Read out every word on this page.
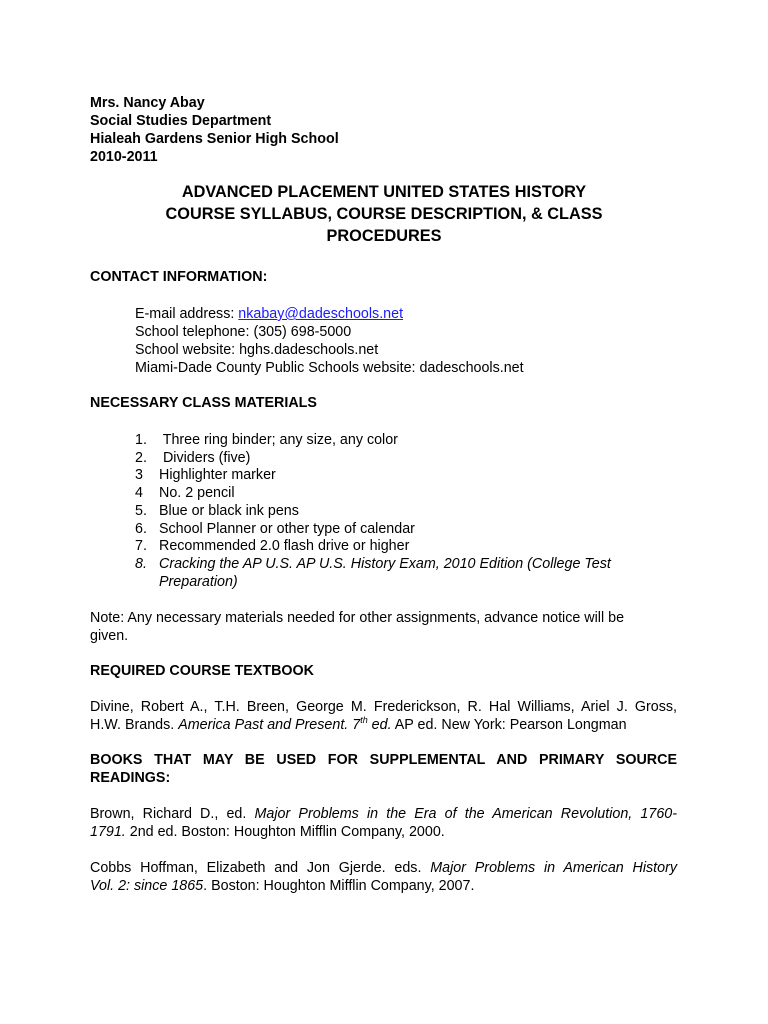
Mrs. Nancy Abay
Social Studies Department
Hialeah Gardens Senior High School
2010-2011
ADVANCED PLACEMENT UNITED STATES HISTORY
COURSE SYLLABUS, COURSE DESCRIPTION, & CLASS
PROCEDURES
CONTACT INFORMATION:
E-mail address: nkabay@dadeschools.net
School telephone: (305) 698-5000
School website: hghs.dadeschools.net
Miami-Dade County Public Schools website: dadeschools.net
NECESSARY CLASS MATERIALS
1. Three ring binder; any size, any color
2. Dividers (five)
3 Highlighter marker
4 No. 2 pencil
5. Blue or black ink pens
6. School Planner or other type of calendar
7. Recommended 2.0 flash drive or higher
8. Cracking the AP U.S. AP U.S. History Exam, 2010 Edition (College Test
Preparation)
Note: Any necessary materials needed for other assignments, advance notice will be
given.
REQUIRED COURSE TEXTBOOK
Divine, Robert A., T.H. Breen, George M. Frederickson, R. Hal Williams, Ariel J. Gross,
H.W. Brands. America Past and Present. 7th ed. AP ed. New York: Pearson Longman
BOOKS THAT MAY BE USED FOR SUPPLEMENTAL AND PRIMARY SOURCE
READINGS:
Brown, Richard D., ed. Major Problems in the Era of the American Revolution, 1760-
1791. 2nd ed. Boston: Houghton Mifflin Company, 2000.
Cobbs Hoffman, Elizabeth and Jon Gjerde. eds. Major Problems in American History
Vol. 2: since 1865. Boston: Houghton Mifflin Company, 2007.
